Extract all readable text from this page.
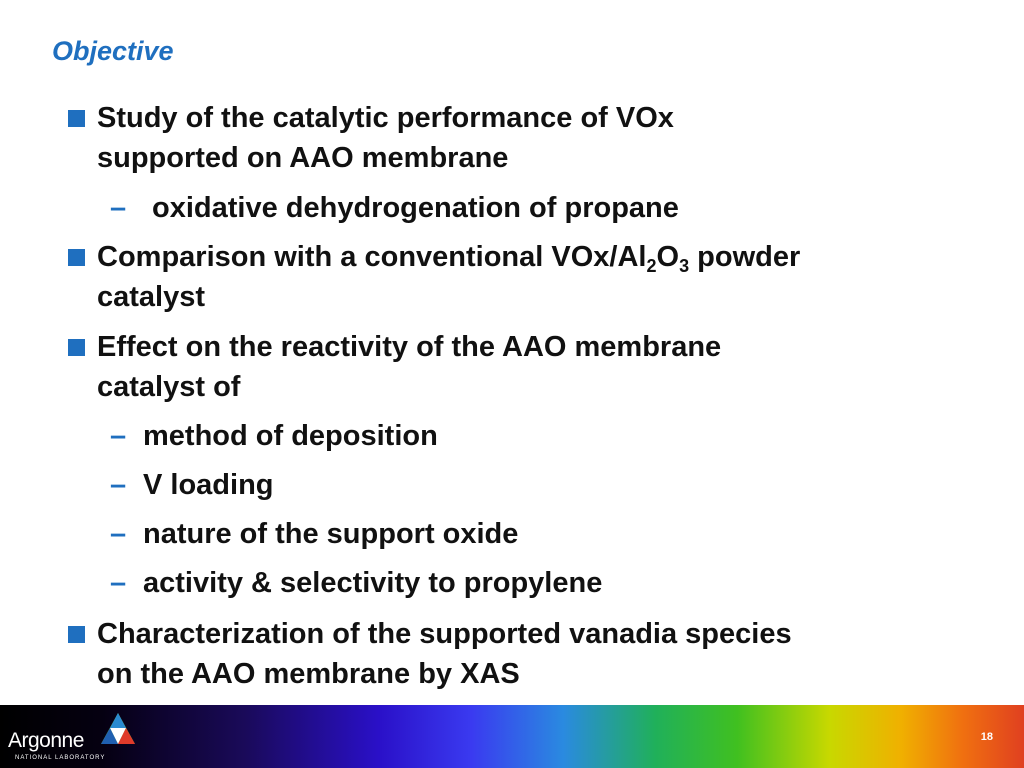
Objective
Study of the catalytic performance of VOx
supported on AAO membrane
– oxidative dehydrogenation of propane
Comparison with a conventional VOx/$Al_2O_3$ powder
catalyst
Effect on the reactivity of the AAO membrane
catalyst of
– method of deposition
– V loading
– nature of the support oxide
– activity & selectivity to propylene
Characterization of the supported vanadia species
on the AAO membrane by XAS
Argonne
NATIONAL LABORATORY
18
